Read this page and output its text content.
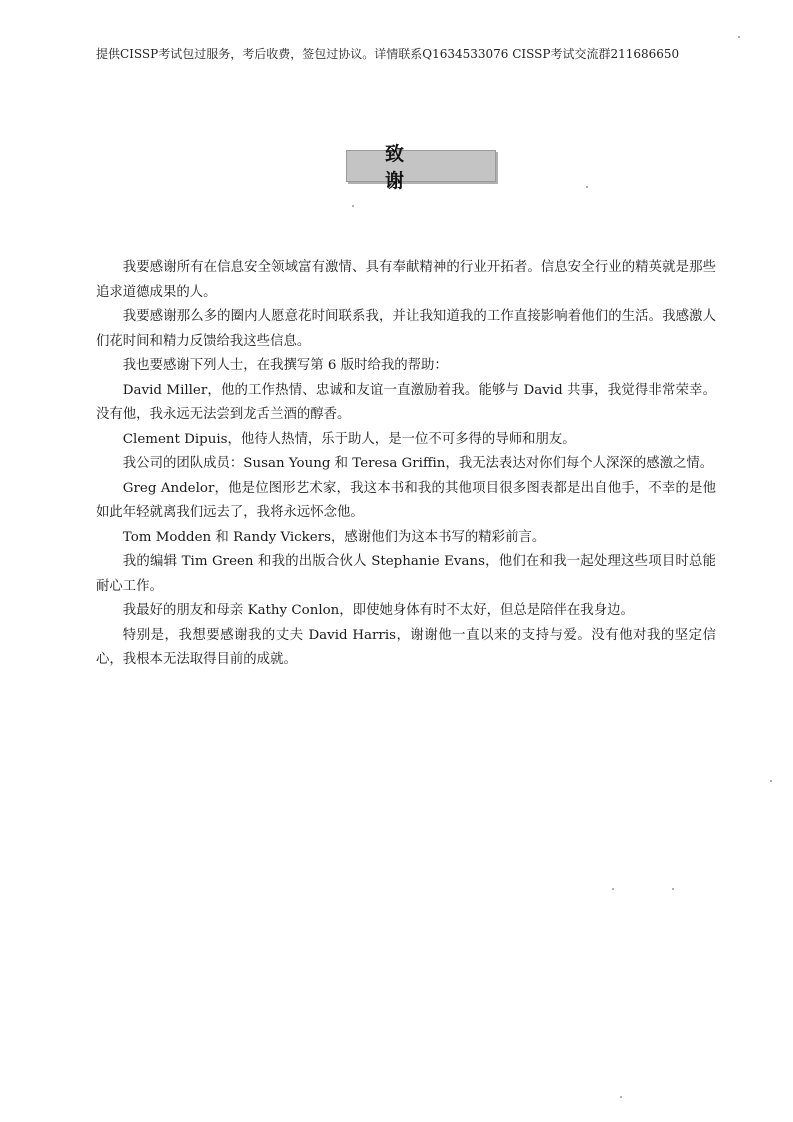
提供CISSP考试包过服务，考后收费，签包过协议。详情联系Q1634533076 CISSP考试交流群211686650
致谢

我要感谢所有在信息安全领域富有激情、具有奉献精神的行业开拓者。信息安全行业的精英就是那些追求道德成果的人。

我要感谢那么多的圈内人愿意花时间联系我，并让我知道我的工作直接影响着他们的生活。我感激人们花时间和精力反馈给我这些信息。

我也要感谢下列人士，在我撰写第 6 版时给我的帮助：

David Miller，他的工作热情、忠诚和友谊一直激励着我。能够与 David 共事，我觉得非常荣幸。没有他，我永远无法尝到龙舌兰酒的醇香。

Clement Dipuis，他待人热情，乐于助人，是一位不可多得的导师和朋友。

我公司的团队成员：Susan Young 和 Teresa Griffin，我无法表达对你们每个人深深的感激之情。

Greg Andelor，他是位图形艺术家，我这本书和我的其他项目很多图表都是出自他手，不幸的是他如此年轻就离我们远去了，我将永远怀念他。

Tom Modden 和 Randy Vickers，感谢他们为这本书写的精彩前言。

我的编辑 Tim Green 和我的出版合伙人 Stephanie Evans，他们在和我一起处理这些项目时总能耐心工作。

我最好的朋友和母亲 Kathy Conlon，即使她身体有时不太好，但总是陪伴在我身边。

特别是，我想要感谢我的丈夫 David Harris，谢谢他一直以来的支持与爱。没有他对我的坚定信心，我根本无法取得目前的成就。
